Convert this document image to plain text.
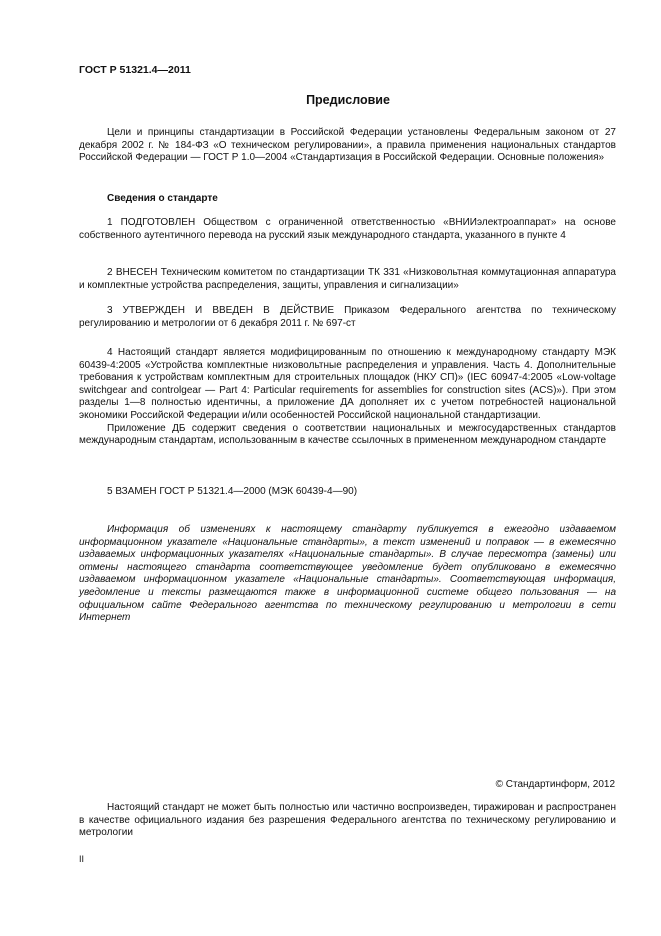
ГОСТ Р 51321.4—2011
Предисловие

Цели и принципы стандартизации в Российской Федерации установлены Федеральным законом от 27 декабря 2002 г. № 184-ФЗ «О техническом регулировании», а правила применения национальных стандартов Российской Федерации — ГОСТ Р 1.0—2004 «Стандартизация в Российской Федерации. Основные положения»

Сведения о стандарте

1 ПОДГОТОВЛЕН Обществом с ограниченной ответственностью «ВНИИэлектроаппарат» на основе собственного аутентичного перевода на русский язык международного стандарта, указанного в пункте 4

2 ВНЕСЕН Техническим комитетом по стандартизации ТК 331 «Низковольтная коммутационная аппаратура и комплектные устройства распределения, защиты, управления и сигнализации»

3 УТВЕРЖДЕН И ВВЕДЕН В ДЕЙСТВИЕ Приказом Федерального агентства по техническому регулированию и метрологии от 6 декабря 2011 г. № 697-ст

4 Настоящий стандарт является модифицированным по отношению к международному стандарту МЭК 60439-4:2005 «Устройства комплектные низковольтные распределения и управления. Часть 4. Дополнительные требования к устройствам комплектным для строительных площадок (НКУ СП)» (IEC 60947-4:2005 «Low-voltage switchgear and controlgear — Part 4: Particular requirements for assemblies for construction sites (ACS)»). При этом разделы 1—8 полностью идентичны, а приложение ДА дополняет их с учетом потребностей национальной экономики Российской Федерации и/или особенностей Российской национальной стандартизации.

Приложение ДБ содержит сведения о соответствии национальных и межгосударственных стандартов международным стандартам, использованным в качестве ссылочных в примененном международном стандарте

5 ВЗАМЕН ГОСТ Р 51321.4—2000 (МЭК 60439-4—90)

Информация об изменениях к настоящему стандарту публикуется в ежегодно издаваемом информационном указателе «Национальные стандарты», а текст изменений и поправок — в ежемесячно издаваемых информационных указателях «Национальные стандарты». В случае пересмотра (замены) или отмены настоящего стандарта соответствующее уведомление будет опубликовано в ежемесячно издаваемом информационном указателе «Национальные стандарты». Соответствующая информация, уведомление и тексты размещаются также в информационной системе общего пользования — на официальном сайте Федерального агентства по техническому регулированию и метрологии в сети Интернет

© Стандартинформ, 2012

Настоящий стандарт не может быть полностью или частично воспроизведен, тиражирован и распространен в качестве официального издания без разрешения Федерального агентства по техническому регулированию и метрологии

II
